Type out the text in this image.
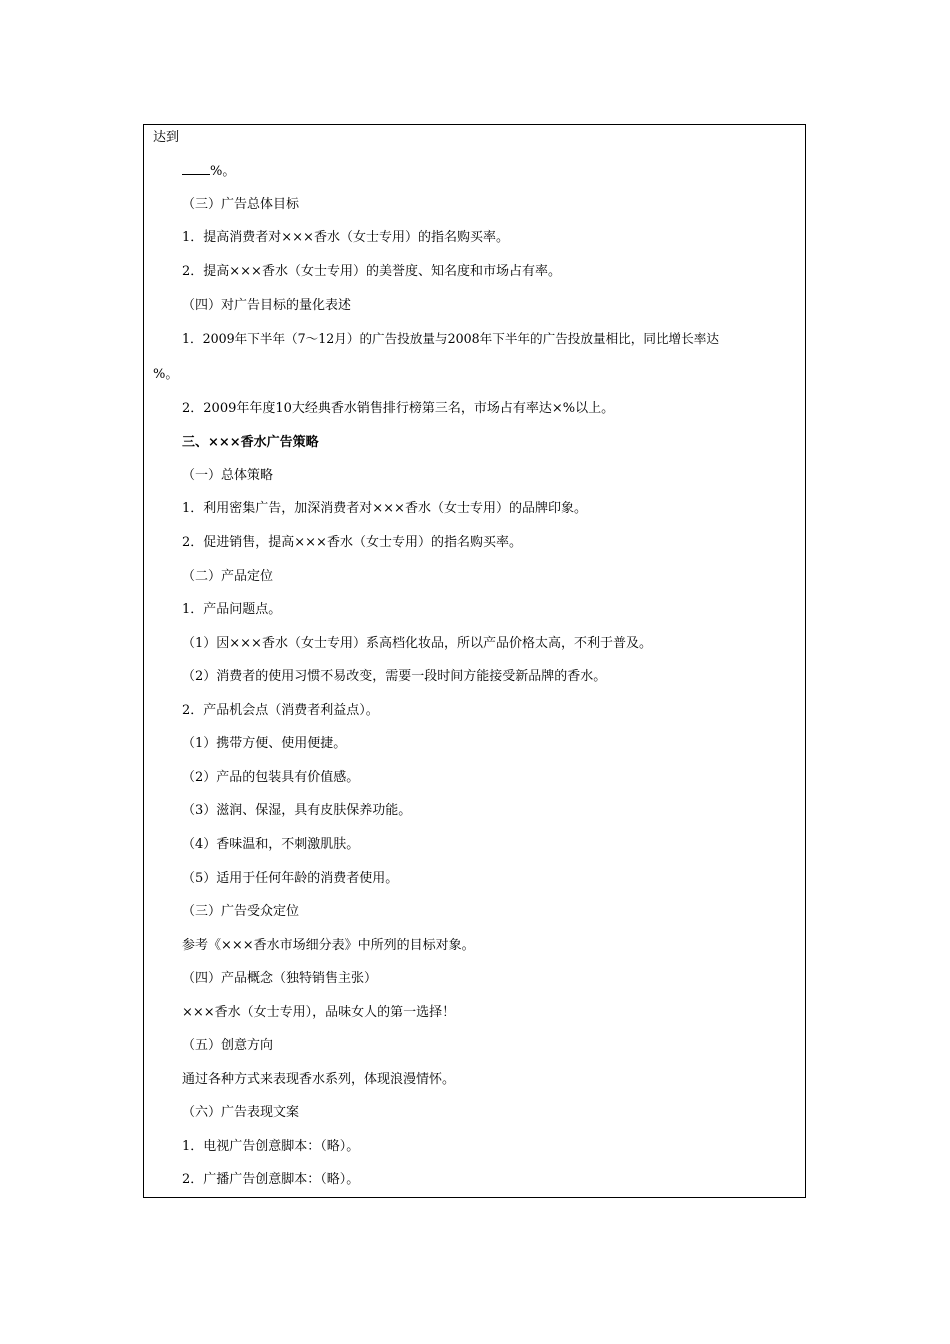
达到
%。
（三）广告总体目标
1．提高消费者对×××香水（女士专用）的指名购买率。
2．提高×××香水（女士专用）的美誉度、知名度和市场占有率。
（四）对广告目标的量化表述
1．2009年下半年（7～12月）的广告投放量与2008年下半年的广告投放量相比，同比增长率达
%。
2．2009年年度10大经典香水销售排行榜第三名，市场占有率达×%以上。
三、×××香水广告策略
（一）总体策略
1．利用密集广告，加深消费者对×××香水（女士专用）的品牌印象。
2．促进销售，提高×××香水（女士专用）的指名购买率。
（二）产品定位
1．产品问题点。
（1）因×××香水（女士专用）系高档化妆品，所以产品价格太高，不利于普及。
（2）消费者的使用习惯不易改变，需要一段时间方能接受新品牌的香水。
2．产品机会点（消费者利益点）。
（1）携带方便、使用便捷。
（2）产品的包装具有价值感。
（3）滋润、保湿，具有皮肤保养功能。
（4）香味温和，不刺激肌肤。
（5）适用于任何年龄的消费者使用。
（三）广告受众定位
参考《×××香水市场细分表》中所列的目标对象。
（四）产品概念（独特销售主张）
×××香水（女士专用），品味女人的第一选择！
（五）创意方向
通过各种方式来表现香水系列，体现浪漫情怀。
（六）广告表现文案
1．电视广告创意脚本：（略）。
2．广播广告创意脚本：（略）。
